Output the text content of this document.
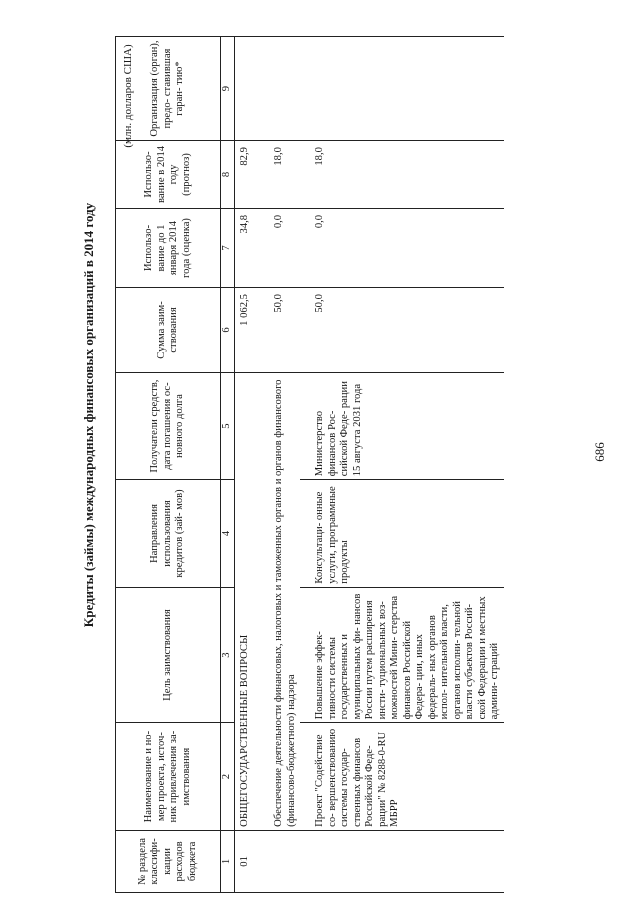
686
Кредиты (займы) международных финансовых организаций в 2014 году
(млн. долларов США)
№ раздела классифи- кации расходов бюджета	Наименование и но- мер проекта, источ- ник привлечения за- имствования	Цель заимствования	Направления использования кредитов (зай- мов)	Получатели средств, дата погашения ос- новного долга	Сумма заим- ствования	Использо- вание до 1 января 2014 года (оценка)	Использо- вание в 2014 году (прогноз)	Организация (орган), предо- ставившая гаран- тию*
1	2	3	4	5	6	7	8	9
01	ОБЩЕГОСУДАРСТВЕННЫЕ ВОПРОСЫ				1 062,5	34,8	82,9	
	Обеспечение деятельности финансовых, налоговых и таможенных органов и органов финансового (финансово-бюджетного) надзора				50,0	0,0	18,0	
	Проект "Содействие со- вершенствованию системы государ- ственных финансов Российской Феде- рации" № 8288-0-RU МБРР	Повышение эффек- тивности системы государственных и муниципальных фи- нансов России путем расширения инсти- туциональных воз- можностей Мини- стерства финансов Российской Федера- ции, иных федераль- ных органов испол- нительной власти, органов исполни- тельной власти субъектов Россий- ской Федерации и местных админи- страций	Консультаци- онные услуги, программные продукты	Министерство финансов Рос- сийской Феде- рации 15 августа 2031 года	50,0	0,0	18,0	
